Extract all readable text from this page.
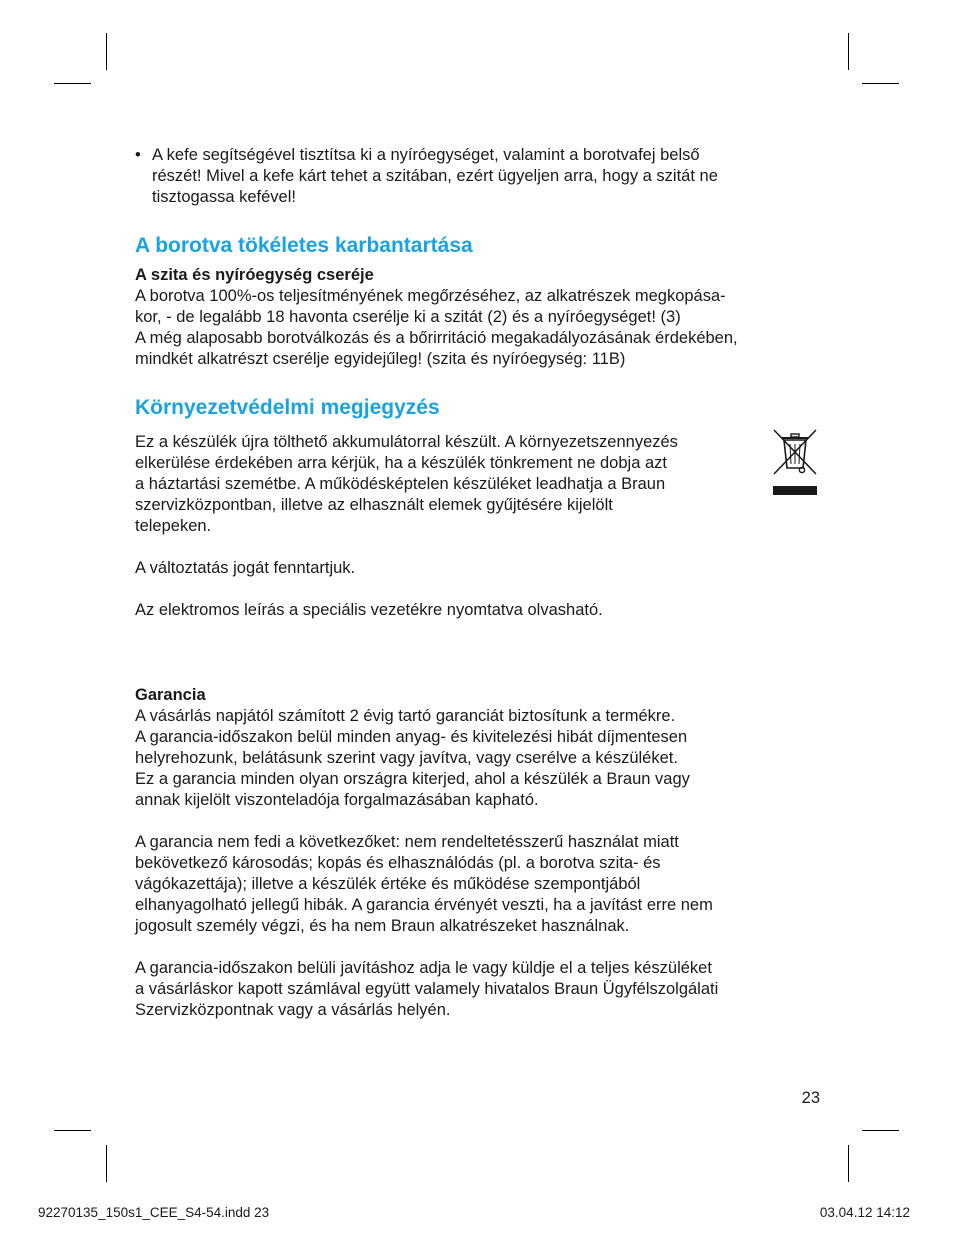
• A kefe segítségével tisztítsa ki a nyíróegységet, valamint a borotvafej belső

részét! Mivel a kefe kárt tehet a szitában, ezért ügyeljen arra, hogy a szitát ne

tisztogassa kefével!

A borotva tökéletes karbantartása

A szita és nyíróegység cseréje

A borotva 100%-os teljesítményének megőrzéséhez, az alkatrészek megkopása-

kor, - de legalább 18 havonta cserélje ki a szitát (2) és a nyíróegységet! (3)

A még alaposabb borotválkozás és a bőrirritáció megakadályozásának érdekében,

mindkét alkatrészt cserélje egyidejűleg! (szita és nyíróegység: 11B)

Környezetvédelmi megjegyzés

Ez a készülék újra tölthető akkumulátorral készült. A környezetszennyezés

elkerülése érdekében arra kérjük, ha a készülék tönkrement ne dobja azt

a háztartási szemétbe. A működésképtelen készüléket leadhatja a Braun

szervizközpontban, illetve az elhasznált elemek gyűjtésére kijelölt

telepeken.

A változtatás jogát fenntartjuk.

Az elektromos leírás a speciális vezetékre nyomtatva olvasható.

Garancia

A vásárlás napjától számított 2 évig tartó garanciát biztosítunk a termékre.

A garancia-időszakon belül minden anyag- és kivitelezési hibát díjmentesen

helyrehozunk, belátásunk szerint vagy javítva, vagy cserélve a készüléket.

Ez a garancia minden olyan országra kiterjed, ahol a készülék a Braun vagy

annak kijelölt viszonteladója forgalmazásában kapható.

A garancia nem fedi a következőket: nem rendeltetésszerű használat miatt

bekövetkező károsodás; kopás és elhasználódás (pl. a borotva szita- és

vágókazettája); illetve a készülék értéke és működése szempontjából

elhanyagolható jellegű hibák. A garancia érvényét veszti, ha a javítást erre nem

jogosult személy végzi, és ha nem Braun alkatrészeket használnak.

A garancia-időszakon belüli javításhoz adja le vagy küldje el a teljes készüléket

a vásárláskor kapott számlával együtt valamely hivatalos Braun Ügyfélszolgálati

Szervizközpontnak vagy a vásárlás helyén.

23
92270135_150s1_CEE_S4-54.indd 23	03.04.12 14:12
